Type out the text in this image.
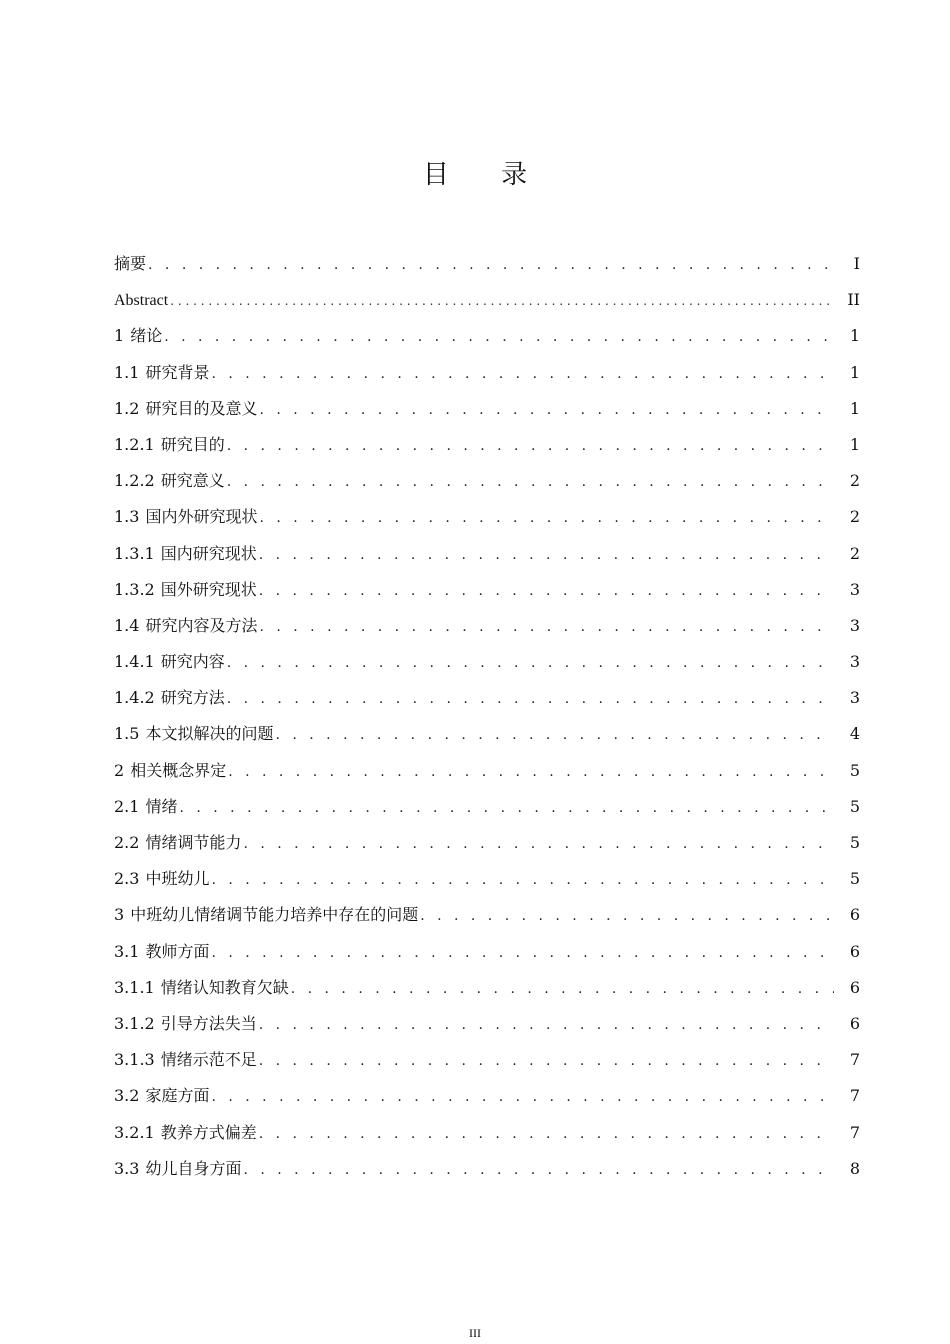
目 录
摘要 . . .	I
Abstract . . .	II
1 绪论 . . .	1
1.1 研究背景 . . .	1
1.2 研究目的及意义 . . .	1
1.2.1 研究目的 . . .	1
1.2.2 研究意义 . . .	2
1.3 国内外研究现状 . . .	2
1.3.1 国内研究现状 . . .	2
1.3.2 国外研究现状 . . .	3
1.4 研究内容及方法 . . .	3
1.4.1 研究内容 . . .	3
1.4.2 研究方法 . . .	3
1.5 本文拟解决的问题 . . .	4
2 相关概念界定 . . .	5
2.1 情绪 . . .	5
2.2 情绪调节能力 . . .	5
2.3 中班幼儿 . . .	5
3 中班幼儿情绪调节能力培养中存在的问题 . . .	6
3.1 教师方面 . . .	6
3.1.1 情绪认知教育欠缺 . . .	6
3.1.2 引导方法失当 . . .	6
3.1.3 情绪示范不足 . . .	7
3.2 家庭方面 . . .	7
3.2.1 教养方式偏差 . . .	7
3.3 幼儿自身方面 . . .	8
III
